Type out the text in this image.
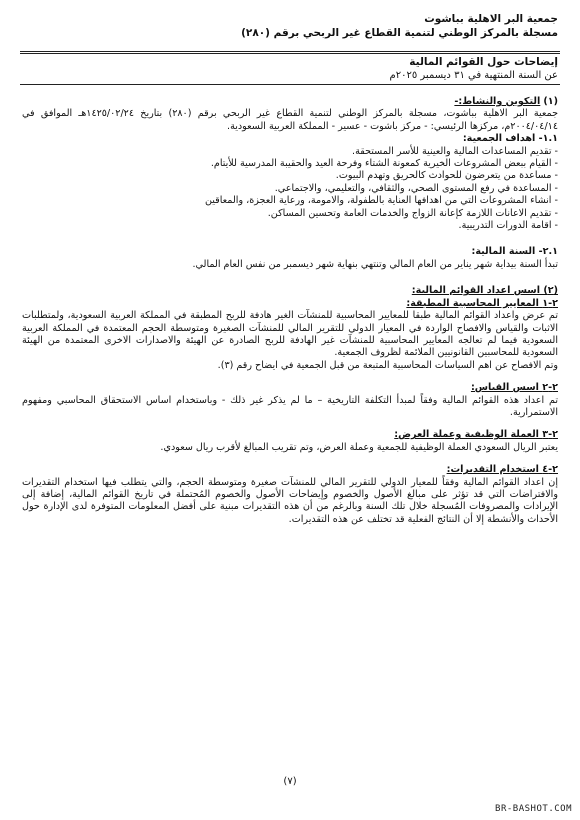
جمعية البر الاهلية بباشوت
مسجلة بالمركز الوطني لتنمية القطاع غير الربحي برقم (٢٨٠)
إيضاحات حول القوائم المالية
عن السنة المنتهية في ٣١ ديسمبر ٢٠٢٥م
(١) التكوين والنشاط:-
جمعية البر الاهلية بباشوت، مسجلة بالمركز الوطني لتنمية القطاع غير الربحي برقم (٢٨٠) بتاريخ ١٤٢٥/٠٢/٢٤هـ الموافق في ٢٠٠٤/٠٤/١٤م، مركزها الرئيسي: - مركز باشوت - عسير - المملكة العربية السعودية.
١.١- اهداف الجمعية:
- تقديم المساعدات المالية والعينية للأسر المستحقة.
- القيام ببعض المشروعات الخيرية كمعونة الشتاء وفرحة العيد والحقيبة المدرسية للأيتام.
- مساعدة من يتعرضون للحوادث كالحريق وتهدم البيوت.
- المساعدة في رفع المستوى الصحي، والثقافي، والتعليمي، والاجتماعي.
- انشاء المشروعات التي من اهدافها العناية بالطفولة، والامومة، ورعاية العجزة، والمعاقين
- تقديم الاعانات اللازمة كإعانة الزواج والخدمات العامة وتحسين المساكن.
- اقامة الدورات التدريبية.
٢.١- السنة المالية:
تبدأ السنة بيداية شهر يناير من العام المالي وتنتهي بنهاية شهر ديسمبر من نفس العام المالي.
(٢) اسس اعداد القوائم المالية:
٢-١ المعايير المحاسبية المطبقة:
تم عرض واعداد القوائم المالية طبقا للمعايير المحاسبية للمنشآت الغير هادفة للربح المطبقة في المملكة العربية السعودية، ولمتطلبات الاثبات والقياس والافصاح الواردة في المعيار الدولي للتقرير المالي للمنشآت الصغيرة ومتوسطة الحجم المعتمدة في المملكة العربية السعودية فيما لم تعالجه المعايير المحاسبية للمنشآت غير الهادفة للربح الصادرة عن الهيئة والاصدارات الاخرى المعتمدة من الهيئة السعودية للمحاسبين القانونيين الملائمة لظروف الجمعية.
وتم الافصاح عن اهم السياسات المحاسبية المتبعة من قبل الجمعية في ايضاح رقم (٣).
٢-٢ اسس القياس:
تم اعداد هذه القوائم المالية وفقاً لمبدأ التكلفة التاريخية – ما لم يذكر غير ذلك - وباستخدام اساس الاستحقاق المحاسبي ومفهوم الاستمرارية.
٢-٣ العملة الوظيفية وعملة العرض:
يعتبر الريال السعودي العملة الوظيفية للجمعية وعملة العرض، وتم تقريب المبالغ لأقرب ريال سعودي.
٢-٤ استخدام التقديرات:
إن اعداد القوائم المالية وفقاً للمعيار الدولي للتقرير المالي للمنشآت صغيرة ومتوسطة الحجم، والتي يتطلب فيها استخدام التقديرات والافتراضات التي قد تؤثر على مبالغ الأصول والخصوم وإيضاحات الأصول والخصوم المُحتملة في تاريخ القوائم المالية، إضافة إلى الإيرادات والمصروفات المُسجلة خلال تلك السنة وبالرغم من أن هذه التقديرات مبنية على أفضل المعلومات المتوفرة لدى الإدارة حول الأحداث والأنشطة إلا أن النتائج الفعلية قد تختلف عن هذه التقديرات.
(٧)
BR-BASHOT.COM
